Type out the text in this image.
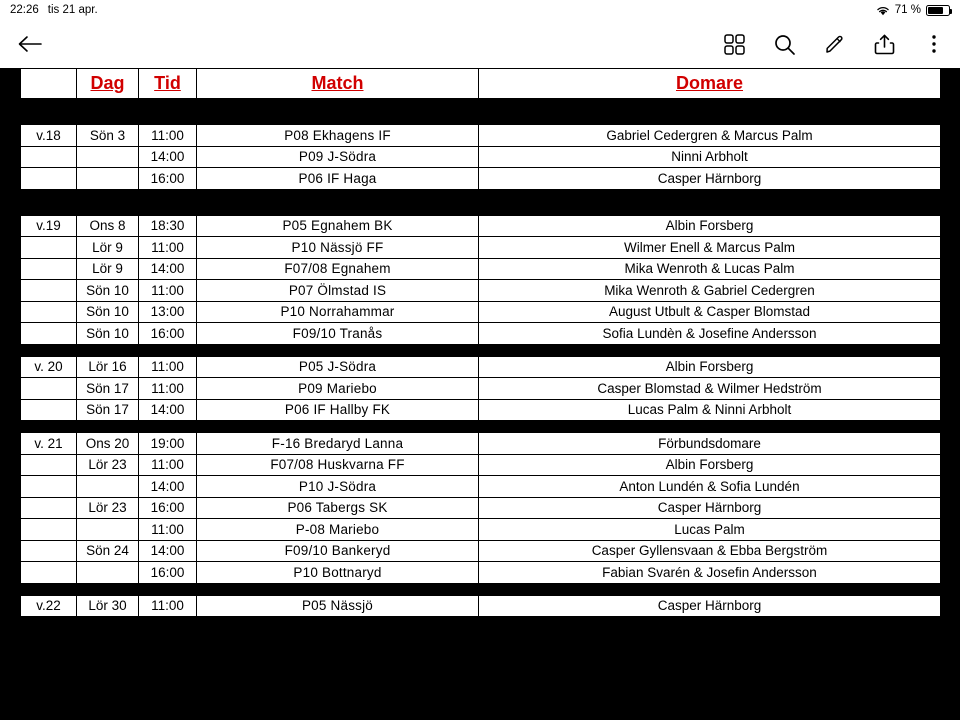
22:26 tis 21 apr.	71 %
	Dag	Tid	Match	Domare

v.18	Sön 3	11:00	P08 Ekhagens IF	Gabriel Cedergren & Marcus Palm
		14:00	P09 J-Södra	Ninni Arbholt
		16:00	P06 IF Haga	Casper Härnborg

v.19	Ons 8	18:30	P05 Egnahem BK	Albin Forsberg
	Lör 9	11:00	P10 Nässjö FF	Wilmer Enell & Marcus Palm
	Lör 9	14:00	F07/08 Egnahem	Mika Wenroth & Lucas Palm
	Sön 10	11:00	P07 Ölmstad IS	Mika Wenroth & Gabriel Cedergren
	Sön 10	13:00	P10 Norrahammar	August Utbult & Casper Blomstad
	Sön 10	16:00	F09/10 Tranås	Sofia Lundèn & Josefine Andersson

v. 20	Lör 16	11:00	P05 J-Södra	Albin Forsberg
	Sön 17	11:00	P09 Mariebo	Casper Blomstad & Wilmer Hedström
	Sön 17	14:00	P06 IF Hallby FK	Lucas Palm & Ninni Arbholt

v. 21	Ons 20	19:00	F-16 Bredaryd Lanna	Förbundsdomare
	Lör 23	11:00	F07/08 Huskvarna FF	Albin Forsberg
		14:00	P10 J-Södra	Anton Lundén & Sofia Lundén
	Lör 23	16:00	P06 Tabergs SK	Casper Härnborg
		11:00	P-08 Mariebo	Lucas Palm
	Sön 24	14:00	F09/10 Bankeryd	Casper Gyllensvaan & Ebba Bergström
		16:00	P10 Bottnaryd	Fabian Svarén & Josefin Andersson

v.22	Lör 30	11:00	P05 Nässjö	Casper Härnborg
